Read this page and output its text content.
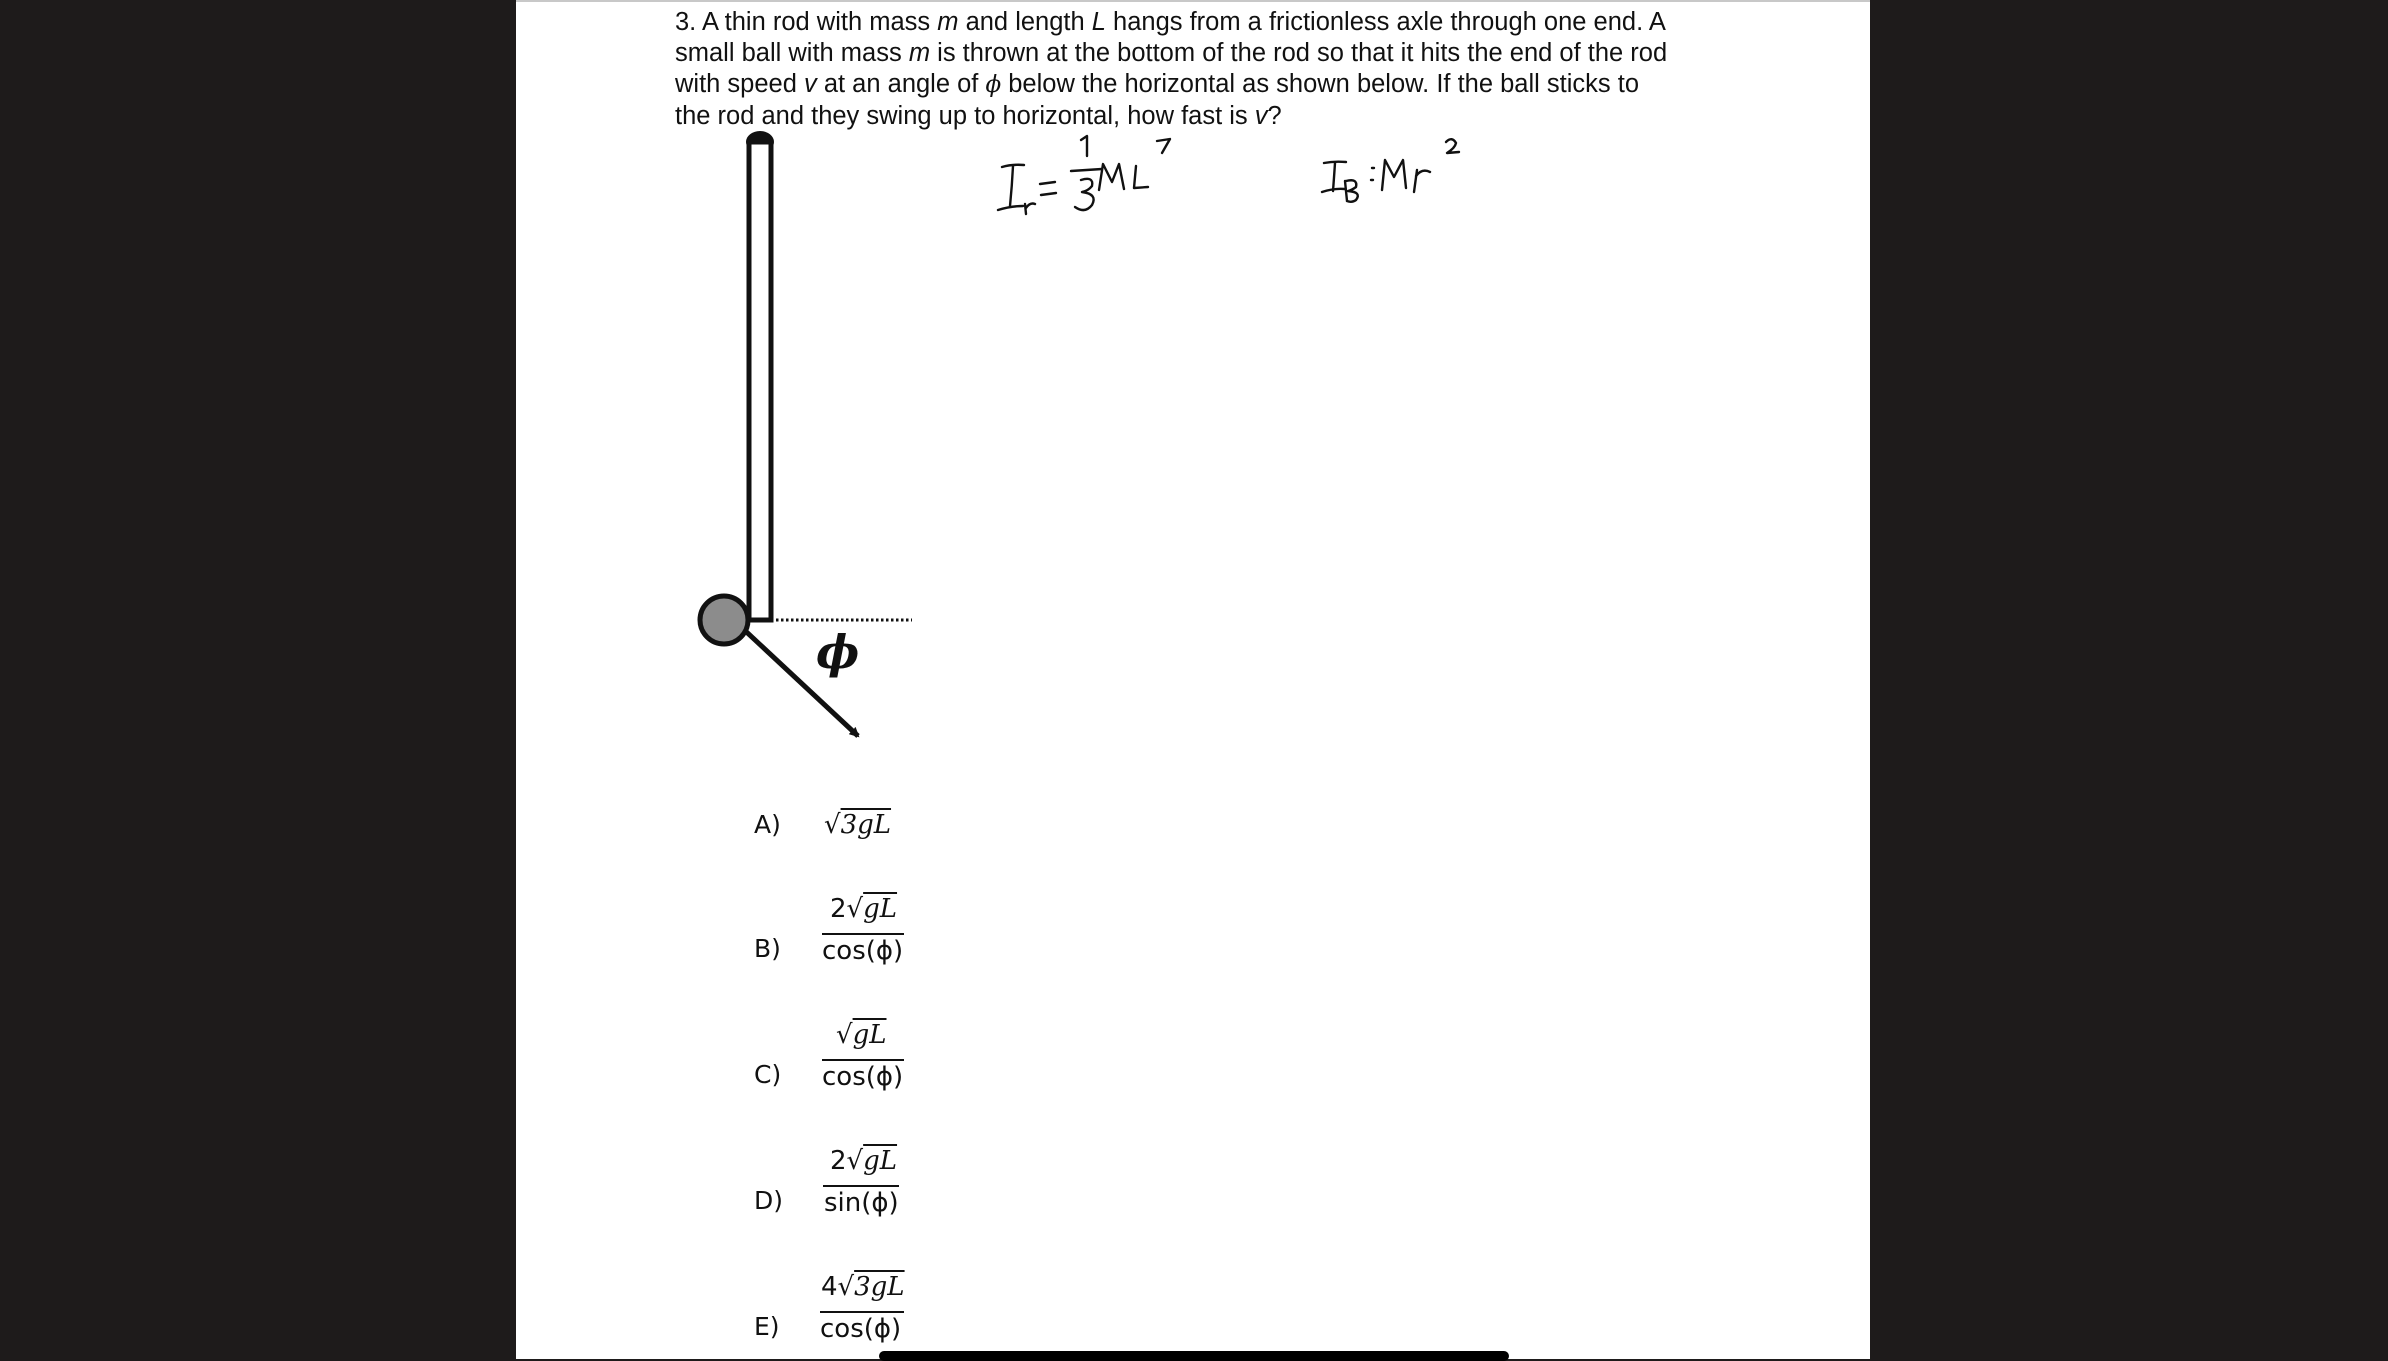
3. A thin rod with mass m and length L hangs from a frictionless axle through one end. A
small ball with mass m is thrown at the bottom of the rod so that it hits the end of the rod
with speed v at an angle of ϕ below the horizontal as shown below. If the ball sticks to
the rod and they swing up to horizontal, how fast is v?
ϕ
A) √3gL
B)
2√gL
cos(ϕ)
C)
√gL
cos(ϕ)
D)
2√gL
sin(ϕ)
E)
4√3gL
cos(ϕ)
